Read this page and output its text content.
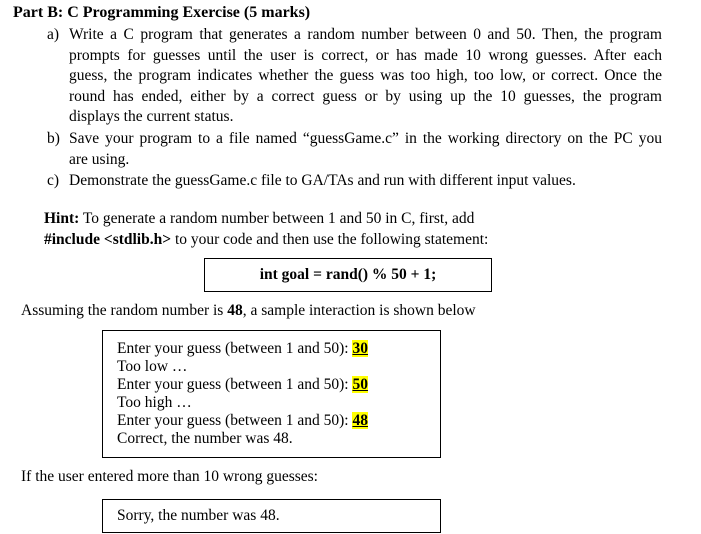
Part B: C Programming Exercise (5 marks)
a) Write a C program that generates a random number between 0 and 50. Then, the program
prompts for guesses until the user is correct, or has made 10 wrong guesses. After each
guess, the program indicates whether the guess was too high, too low, or correct. Once the
round has ended, either by a correct guess or by using up the 10 guesses, the program
displays the current status.
b) Save your program to a file named “guessGame.c” in the working directory on the PC you
are using.
c) Demonstrate the guessGame.c file to GA/TAs and run with different input values.
Hint: To generate a random number between 1 and 50 in C, first, add
#include <stdlib.h> to your code and then use the following statement:
int goal = rand() % 50 + 1;
Assuming the random number is 48, a sample interaction is shown below
Enter your guess (between 1 and 50): 30
Too low …
Enter your guess (between 1 and 50): 50
Too high …
Enter your guess (between 1 and 50): 48
Correct, the number was 48.
If the user entered more than 10 wrong guesses:
Sorry, the number was 48.
